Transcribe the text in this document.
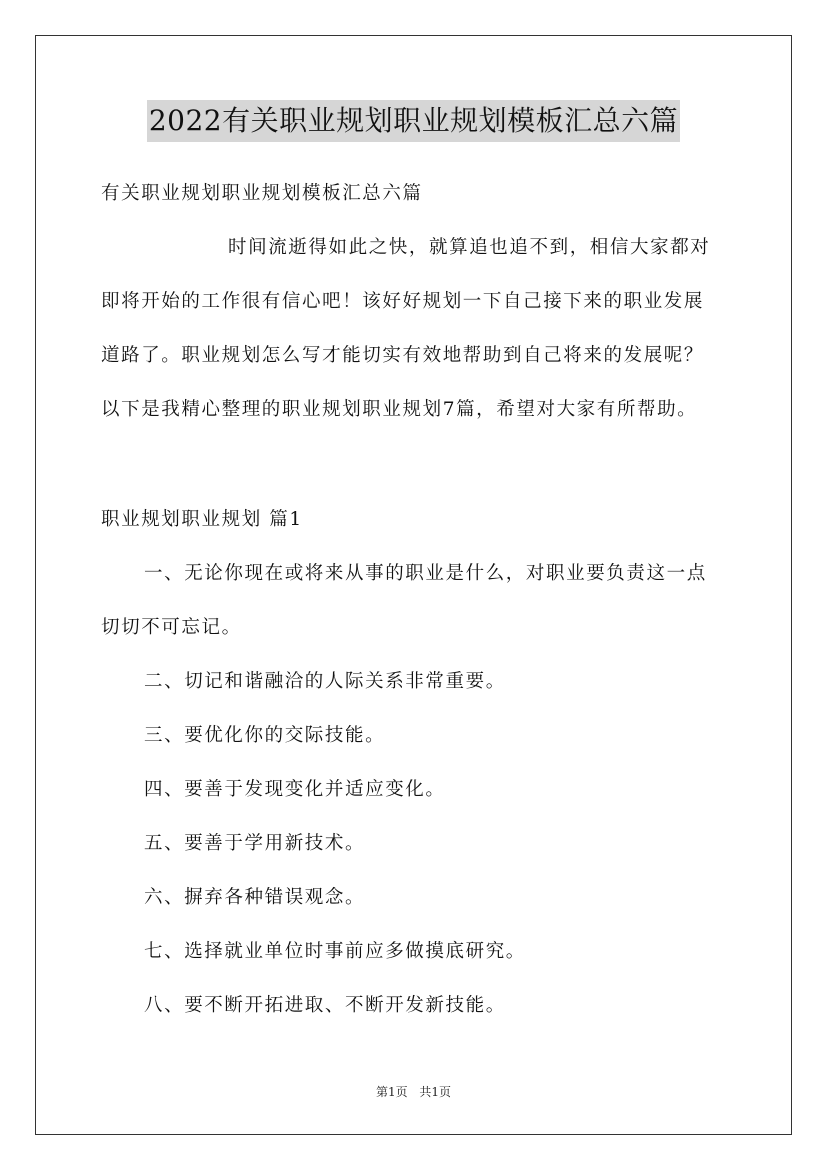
2022有关职业规划职业规划模板汇总六篇
有关职业规划职业规划模板汇总六篇
时间流逝得如此之快，就算追也追不到，相信大家都对
即将开始的工作很有信心吧！该好好规划一下自己接下来的职业发展
道路了。职业规划怎么写才能切实有效地帮助到自己将来的发展呢？
以下是我精心整理的职业规划职业规划7篇，希望对大家有所帮助。
职业规划职业规划 篇1
一、无论你现在或将来从事的职业是什么，对职业要负责这一点
切切不可忘记。
二、切记和谐融洽的人际关系非常重要。
三、要优化你的交际技能。
四、要善于发现变化并适应变化。
五、要善于学用新技术。
六、摒弃各种错误观念。
七、选择就业单位时事前应多做摸底研究。
八、要不断开拓进取、不断开发新技能。
第1页 共1页
